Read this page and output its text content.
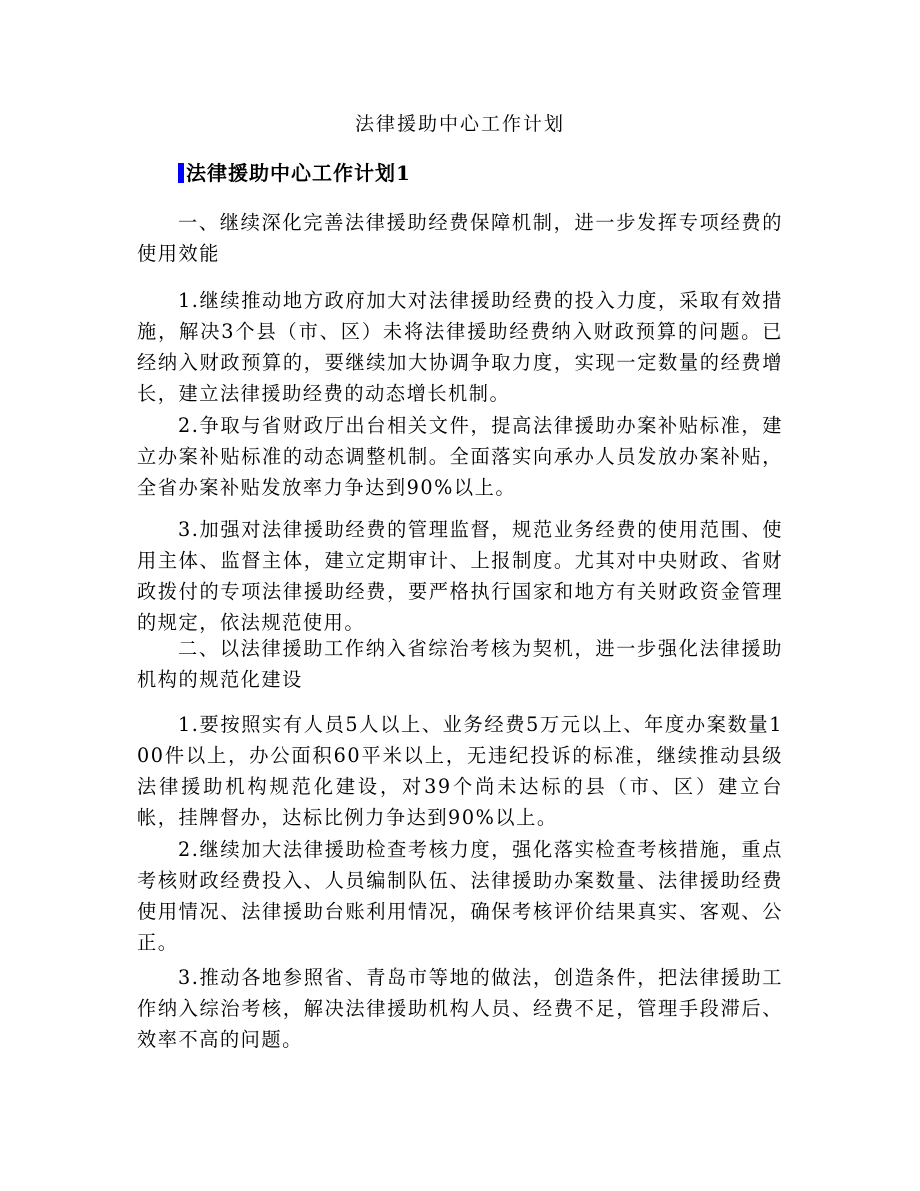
法律援助中心工作计划
法律援助中心工作计划1

一、继续深化完善法律援助经费保障机制，进一步发挥专项经费的使用效能

1.继续推动地方政府加大对法律援助经费的投入力度，采取有效措施，解决3个县（市、区）未将法律援助经费纳入财政预算的问题。已经纳入财政预算的，要继续加大协调争取力度，实现一定数量的经费增长，建立法律援助经费的动态增长机制。

2.争取与省财政厅出台相关文件，提高法律援助办案补贴标准，建立办案补贴标准的动态调整机制。全面落实向承办人员发放办案补贴，全省办案补贴发放率力争达到90%以上。

3.加强对法律援助经费的管理监督，规范业务经费的使用范围、使用主体、监督主体，建立定期审计、上报制度。尤其对中央财政、省财政拨付的专项法律援助经费，要严格执行国家和地方有关财政资金管理的规定，依法规范使用。

二、以法律援助工作纳入省综治考核为契机，进一步强化法律援助机构的规范化建设

1.要按照实有人员5人以上、业务经费5万元以上、年度办案数量100件以上，办公面积60平米以上，无违纪投诉的标准，继续推动县级法律援助机构规范化建设，对39个尚未达标的县（市、区）建立台帐，挂牌督办，达标比例力争达到90%以上。

2.继续加大法律援助检查考核力度，强化落实检查考核措施，重点考核财政经费投入、人员编制队伍、法律援助办案数量、法律援助经费使用情况、法律援助台账利用情况，确保考核评价结果真实、客观、公正。

3.推动各地参照省、青岛市等地的做法，创造条件，把法律援助工作纳入综治考核，解决法律援助机构人员、经费不足，管理手段滞后、效率不高的问题。
